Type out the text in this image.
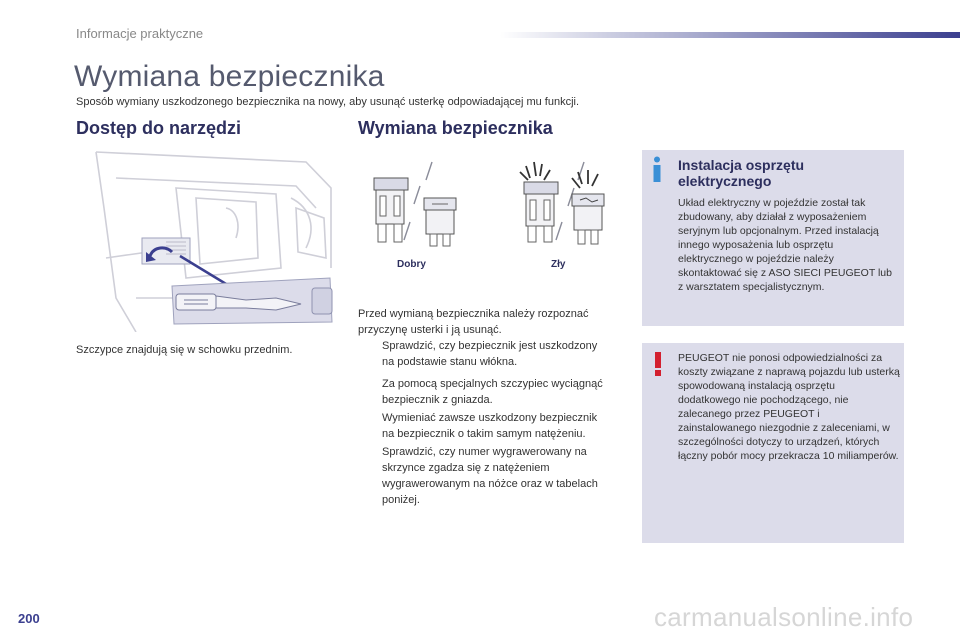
Informacje praktyczne
Wymiana bezpiecznika
Sposób wymiany uszkodzonego bezpiecznika na nowy, aby usunąć usterkę odpowiadającej mu funkcji.
Dostęp do narzędzi	Wymiana bezpiecznika
Szczypce znajdują się w schowku przednim.
Dobry	Zły
Przed wymianą bezpiecznika należy rozpoznać przyczynę usterki i ją usunąć.
Sprawdzić, czy bezpiecznik jest uszkodzony na podstawie stanu włókna.
Za pomocą specjalnych szczypiec wyciągnąć bezpiecznik z gniazda.
Wymieniać zawsze uszkodzony bezpiecznik na bezpiecznik o takim samym natężeniu.
Sprawdzić, czy numer wygrawerowany na skrzynce zgadza się z natężeniem wygrawerowanym na nóżce oraz w tabelach poniżej.
Instalacja osprzętu elektrycznego
Układ elektryczny w pojeździe został tak zbudowany, aby działał z wyposażeniem seryjnym lub opcjonalnym. Przed instalacją innego wyposażenia lub osprzętu elektrycznego w pojeździe należy skontaktować się z ASO SIECI PEUGEOT lub z warsztatem specjalistycznym.
PEUGEOT nie ponosi odpowiedzialności za koszty związane z naprawą pojazdu lub usterką spowodowaną instalacją osprzętu dodatkowego nie pochodzącego, nie zalecanego przez PEUGEOT i zainstalowanego niezgodnie z zaleceniami, w szczególności dotyczy to urządzeń, których łączny pobór mocy przekracza 10 miliamperów.
200	carmanualsonline.info
